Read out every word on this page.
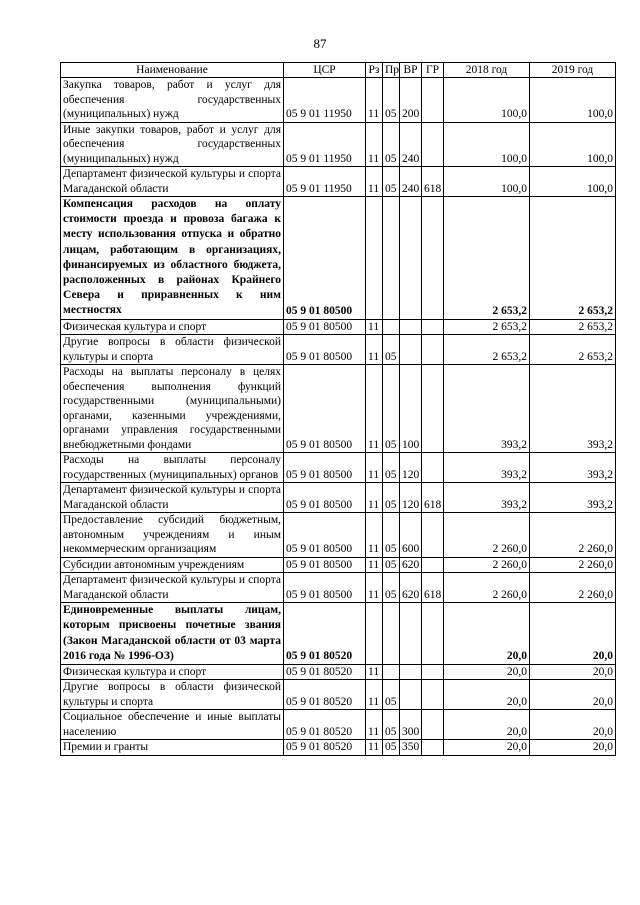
87
Наименование	ЦСР	Рз	Пр	ВР	ГР	2018 год	2019 год
Закупка товаров, работ и услуг для обеспечения государственных (муниципальных) нужд	05 9 01 11950	11	05	200		100,0	100,0
Иные закупки товаров, работ и услуг для обеспечения государственных (муниципальных) нужд	05 9 01 11950	11	05	240		100,0	100,0
Департамент физической культуры и спорта Магаданской области	05 9 01 11950	11	05	240	618	100,0	100,0
Компенсация расходов на оплату стоимости проезда и провоза багажа к месту использования отпуска и обратно лицам, работающим в организациях, финансируемых из областного бюджета, расположенных в районах Крайнего Севера и приравненных к ним местностях	05 9 01 80500					2 653,2	2 653,2
Физическая культура и спорт	05 9 01 80500	11				2 653,2	2 653,2
Другие вопросы в области физической культуры и спорта	05 9 01 80500	11	05			2 653,2	2 653,2
Расходы на выплаты персоналу в целях обеспечения выполнения функций государственными (муниципальными) органами, казенными учреждениями, органами управления государственными внебюджетными фондами	05 9 01 80500	11	05	100		393,2	393,2
Расходы на выплаты персоналу государственных (муниципальных) органов	05 9 01 80500	11	05	120		393,2	393,2
Департамент физической культуры и спорта Магаданской области	05 9 01 80500	11	05	120	618	393,2	393,2
Предоставление субсидий бюджетным, автономным учреждениям и иным некоммерческим организациям	05 9 01 80500	11	05	600		2 260,0	2 260,0
Субсидии автономным учреждениям	05 9 01 80500	11	05	620		2 260,0	2 260,0
Департамент физической культуры и спорта Магаданской области	05 9 01 80500	11	05	620	618	2 260,0	2 260,0
Единовременные выплаты лицам, которым присвоены почетные звания (Закон Магаданской области от 03 марта 2016 года № 1996-ОЗ)	05 9 01 80520					20,0	20,0
Физическая культура и спорт	05 9 01 80520	11				20,0	20,0
Другие вопросы в области физической культуры и спорта	05 9 01 80520	11	05			20,0	20,0
Социальное обеспечение и иные выплаты населению	05 9 01 80520	11	05	300		20,0	20,0
Премии и гранты	05 9 01 80520	11	05	350		20,0	20,0
